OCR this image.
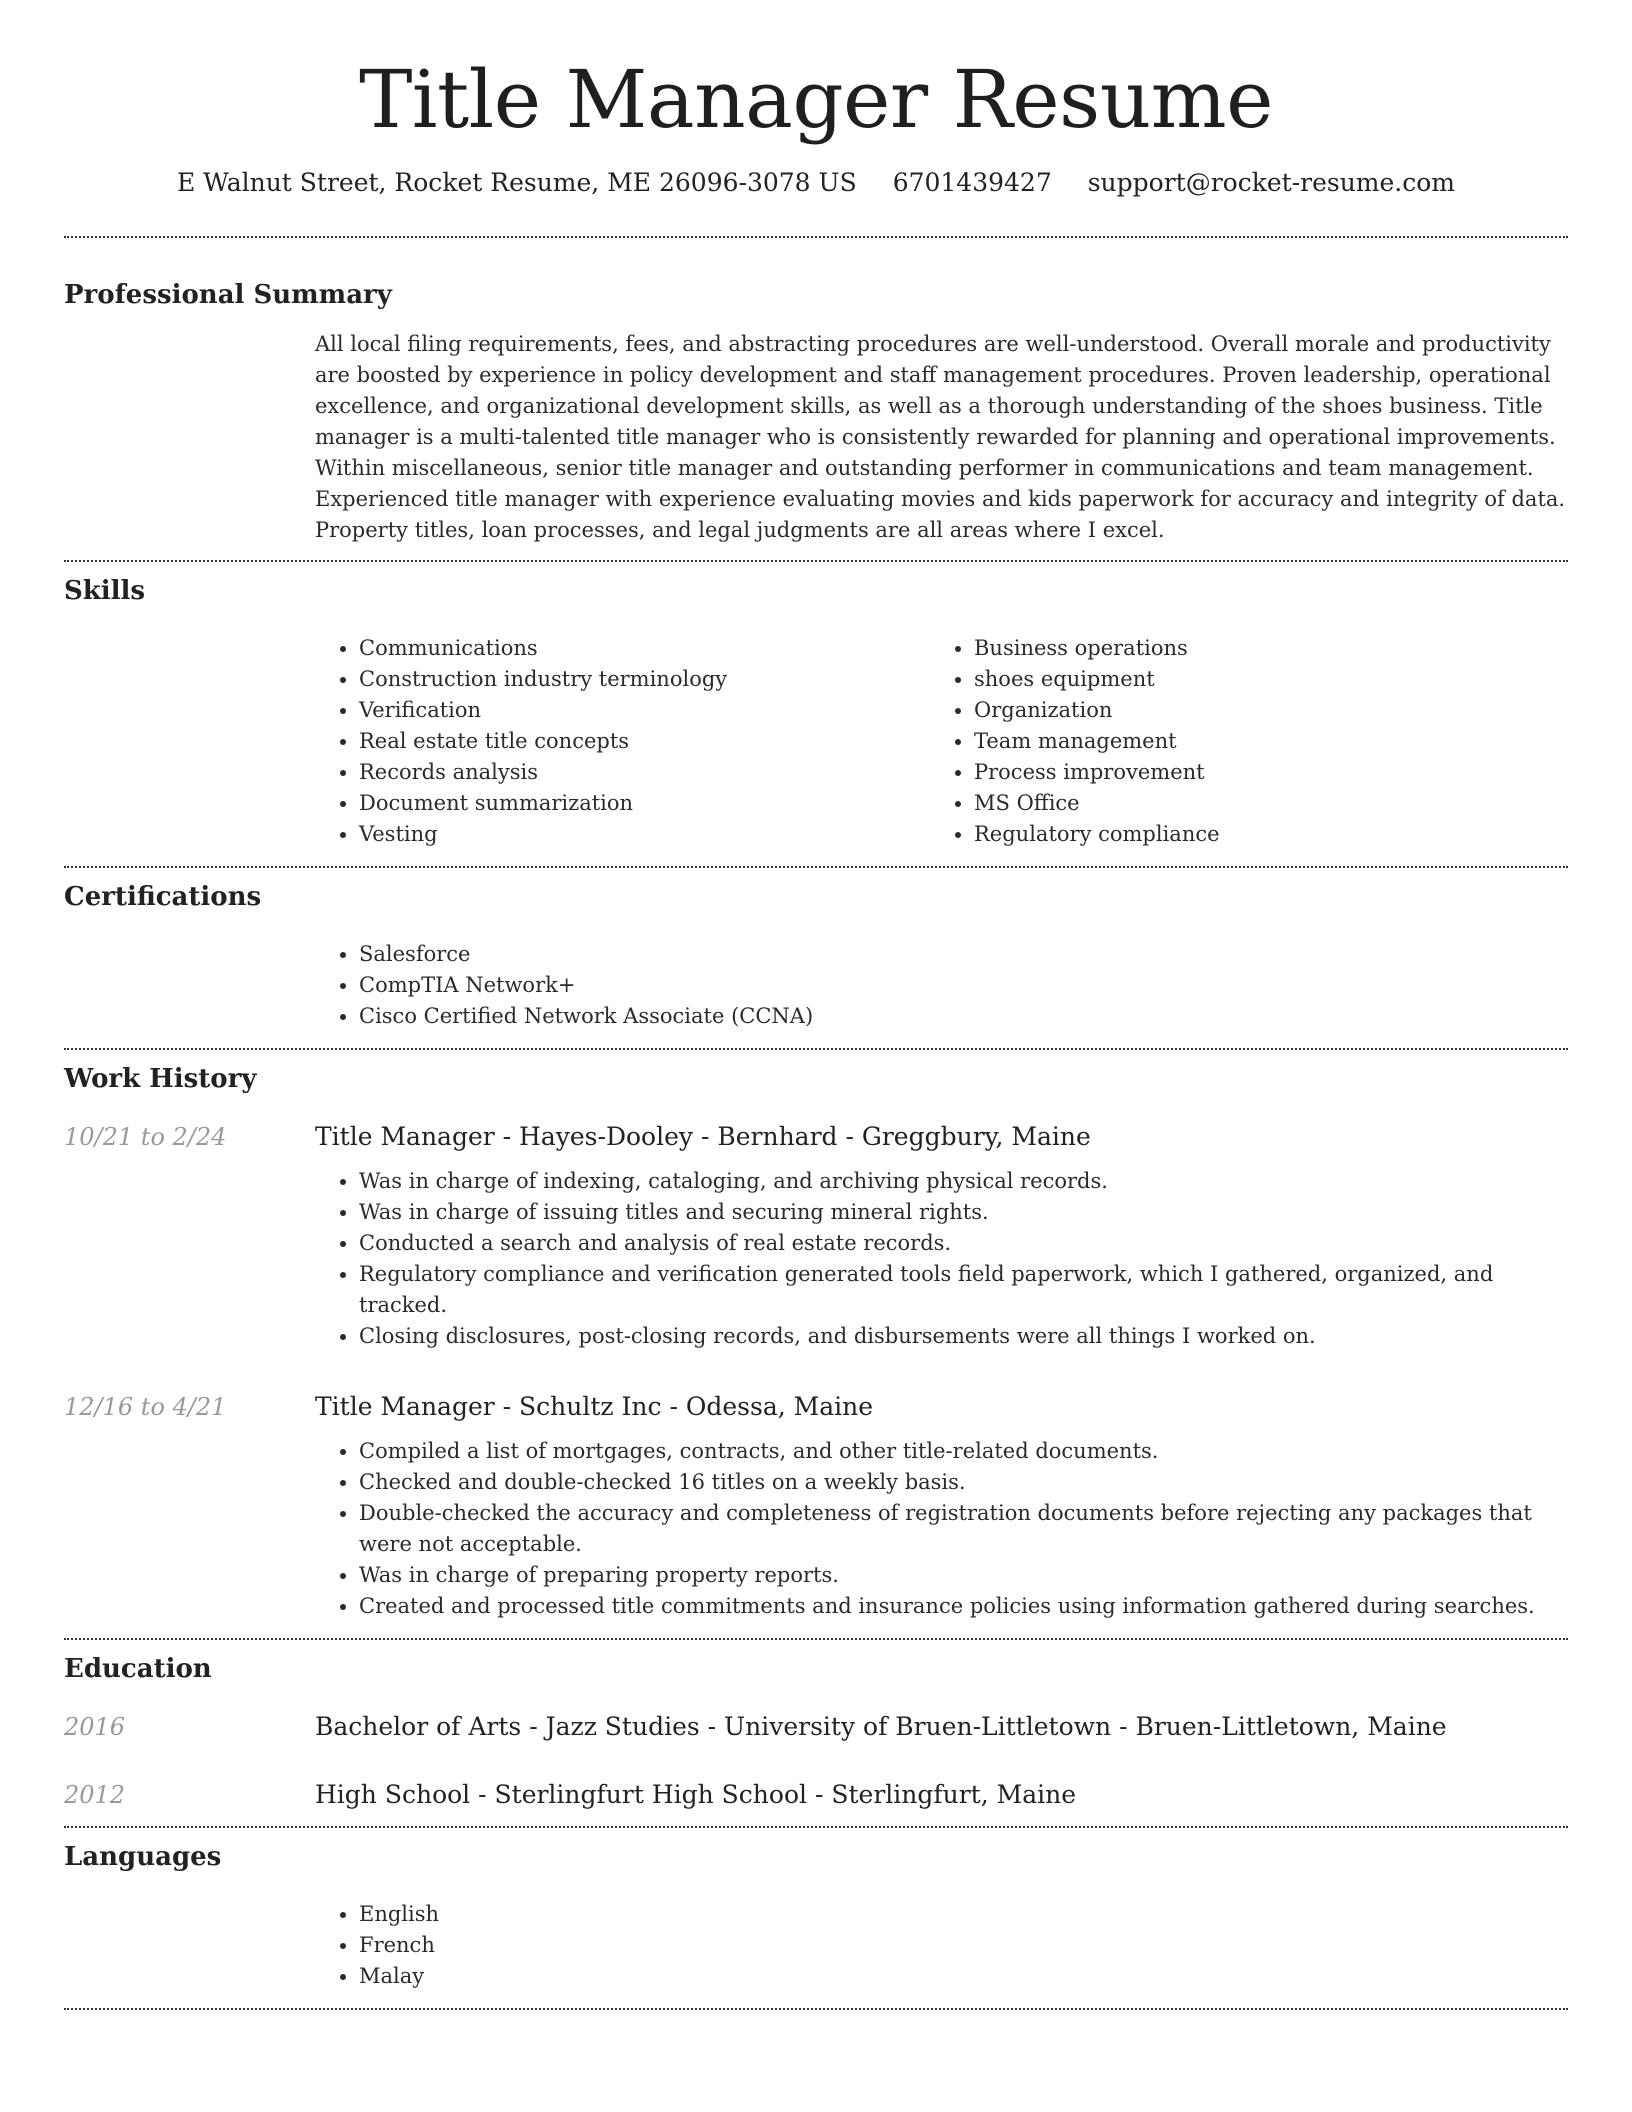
Title Manager Resume
E Walnut Street, Rocket Resume, ME 26096-3078 US 6701439427 support@rocket-resume.com
Professional Summary

All local filing requirements, fees, and abstracting procedures are well-understood. Overall morale and productivity are boosted by experience in policy development and staff management procedures. Proven leadership, operational excellence, and organizational development skills, as well as a thorough understanding of the shoes business. Title manager is a multi-talented title manager who is consistently rewarded for planning and operational improvements. Within miscellaneous, senior title manager and outstanding performer in communications and team management. Experienced title manager with experience evaluating movies and kids paperwork for accuracy and integrity of data. Property titles, loan processes, and legal judgments are all areas where I excel.

Skills
• Communications
• Construction industry terminology
• Verification
• Real estate title concepts
• Records analysis
• Document summarization
• Vesting
• Business operations
• shoes equipment
• Organization
• Team management
• Process improvement
• MS Office
• Regulatory compliance
Certifications
• Salesforce
• CompTIA Network+
• Cisco Certified Network Associate (CCNA)
Work History
10/21 to 2/24	Title Manager - Hayes-Dooley - Bernhard - Greggbury, Maine
• Was in charge of indexing, cataloging, and archiving physical records.
• Was in charge of issuing titles and securing mineral rights.
• Conducted a search and analysis of real estate records.
• Regulatory compliance and verification generated tools field paperwork, which I gathered, organized, and tracked.
• Closing disclosures, post-closing records, and disbursements were all things I worked on.
12/16 to 4/21	Title Manager - Schultz Inc - Odessa, Maine
• Compiled a list of mortgages, contracts, and other title-related documents.
• Checked and double-checked 16 titles on a weekly basis.
• Double-checked the accuracy and completeness of registration documents before rejecting any packages that were not acceptable.
• Was in charge of preparing property reports.
• Created and processed title commitments and insurance policies using information gathered during searches.
Education
2016	Bachelor of Arts - Jazz Studies - University of Bruen-Littletown - Bruen-Littletown, Maine
2012	High School - Sterlingfurt High School - Sterlingfurt, Maine
Languages
• English
• French
• Malay
